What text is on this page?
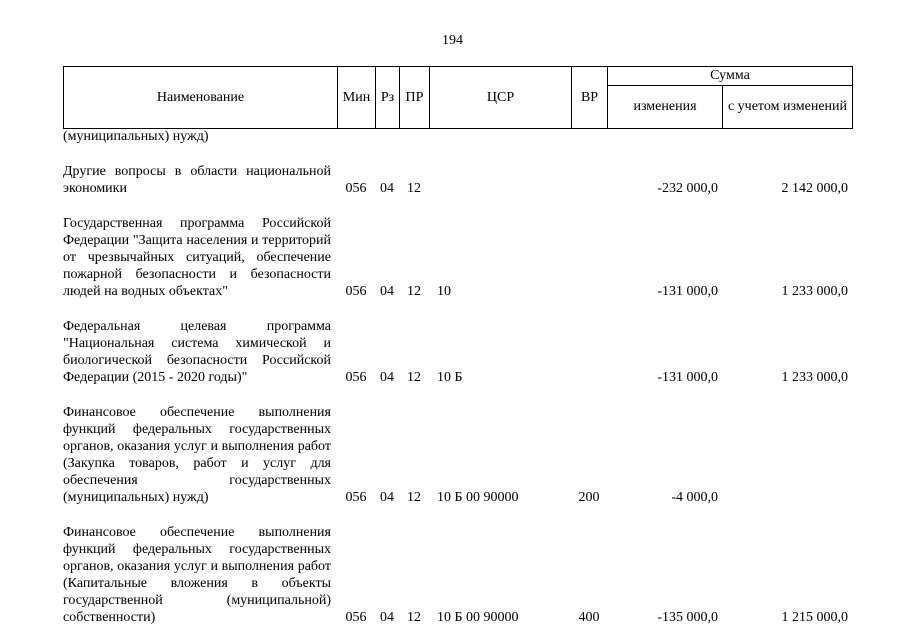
194
Наименование	Мин	Рз	ПР	ЦСР	ВР	Сумма	
						изменения	с учетом изменений
(муниципальных) нужд)							

Другие вопросы в области национальной экономики	056	04	12			-232 000,0	2 142 000,0

Государственная программа Российской Федерации "Защита населения и территорий от чрезвычайных ситуаций, обеспечение пожарной безопасности и безопасности людей на водных объектах"	056	04	12	10		-131 000,0	1 233 000,0

Федеральная целевая программа "Национальная система химической и биологической безопасности Российской Федерации (2015 - 2020 годы)"	056	04	12	10 Б		-131 000,0	1 233 000,0

Финансовое обеспечение выполнения функций федеральных государственных органов, оказания услуг и выполнения работ (Закупка товаров, работ и услуг для обеспечения государственных (муниципальных) нужд)	056	04	12	10 Б 00 90000	200	-4 000,0	

Финансовое обеспечение выполнения функций федеральных государственных органов, оказания услуг и выполнения работ (Капитальные вложения в объекты государственной (муниципальной) собственности)	056	04	12	10 Б 00 90000	400	-135 000,0	1 215 000,0
